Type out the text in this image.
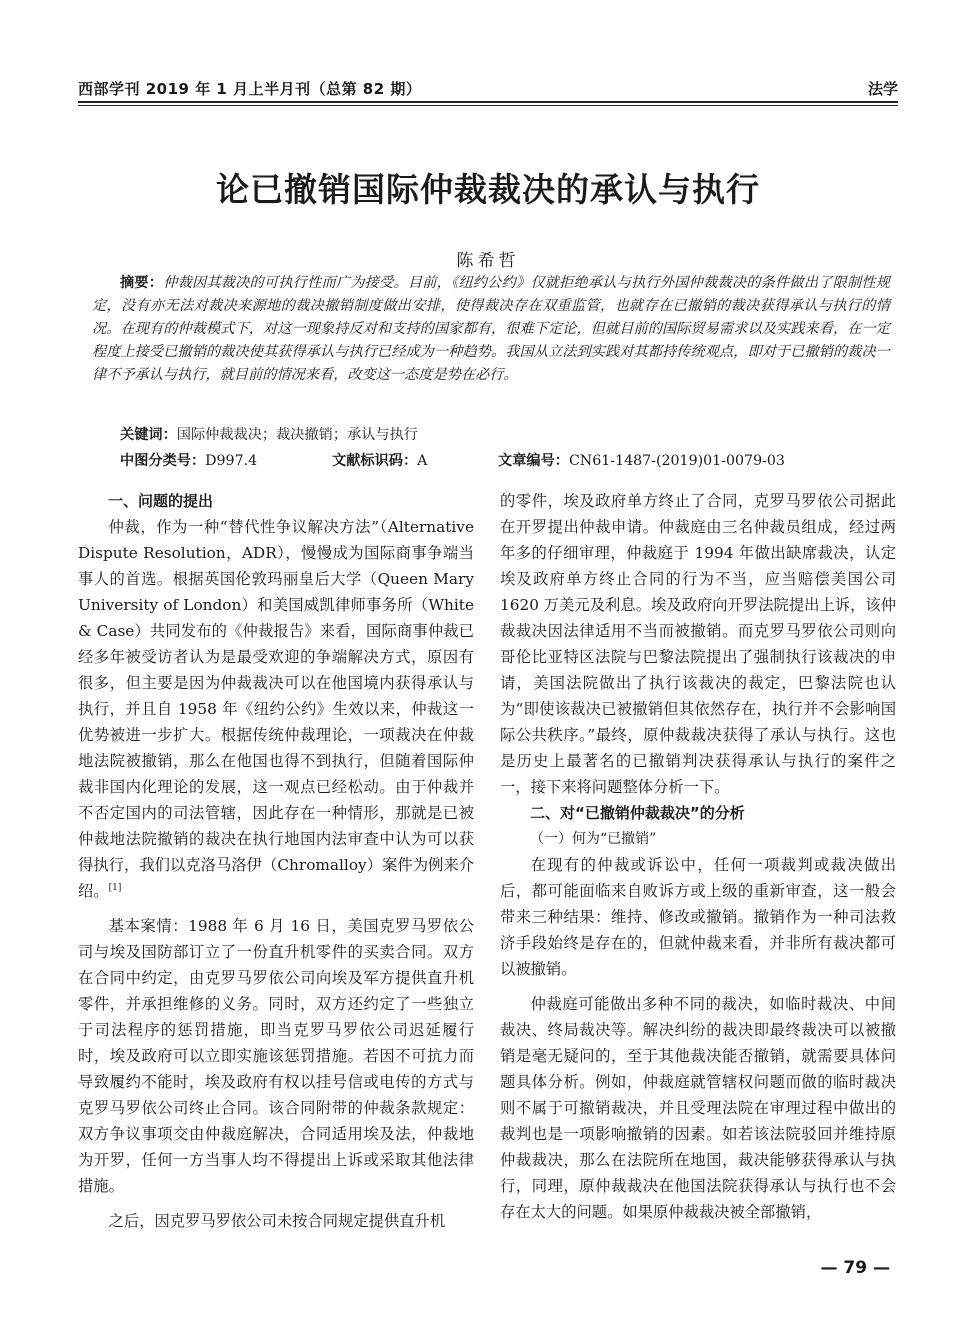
西部学刊 2019 年 1 月上半月刊（总第 82 期）	法学
论已撤销国际仲裁裁决的承认与执行
陈希哲
摘要：仲裁因其裁决的可执行性而广为接受。目前，《纽约公约》仅就拒绝承认与执行外国仲裁裁决的条件做出了限制性规定，没有亦无法对裁决来源地的裁决撤销制度做出安排，使得裁决存在双重监管，也就存在已撤销的裁决获得承认与执行的情况。在现有的仲裁模式下，对这一现象持反对和支持的国家都有，很难下定论，但就目前的国际贸易需求以及实践来看，在一定程度上接受已撤销的裁决使其获得承认与执行已经成为一种趋势。我国从立法到实践对其都持传统观点，即对于已撤销的裁决一律不予承认与执行，就目前的情况来看，改变这一态度是势在必行。
关键词：国际仲裁裁决；裁决撤销；承认与执行
中图分类号：D997.4	文献标识码：A	文章编号：CN61-1487-(2019)01-0079-03
一、问题的提出

仲裁，作为一种“替代性争议解决方法”（Alternative Dispute Resolution，ADR），慢慢成为国际商事争端当事人的首选。根据英国伦敦玛丽皇后大学（Queen Mary University of London）和美国威凯律师事务所（White & Case）共同发布的《仲裁报告》来看，国际商事仲裁已经多年被受访者认为是最受欢迎的争端解决方式，原因有很多，但主要是因为仲裁裁决可以在他国境内获得承认与执行，并且自 1958 年《纽约公约》生效以来，仲裁这一优势被进一步扩大。根据传统仲裁理论，一项裁决在仲裁地法院被撤销，那么在他国也得不到执行，但随着国际仲裁非国内化理论的发展，这一观点已经松动。由于仲裁并不否定国内的司法管辖，因此存在一种情形，那就是已被仲裁地法院撤销的裁决在执行地国内法审查中认为可以获得执行，我们以克洛马洛伊（Chromalloy）案件为例来介绍。[1]

基本案情：1988 年 6 月 16 日，美国克罗马罗依公司与埃及国防部订立了一份直升机零件的买卖合同。双方在合同中约定，由克罗马罗依公司向埃及军方提供直升机零件，并承担维修的义务。同时，双方还约定了一些独立于司法程序的惩罚措施，即当克罗马罗依公司迟延履行时，埃及政府可以立即实施该惩罚措施。若因不可抗力而导致履约不能时，埃及政府有权以挂号信或电传的方式与克罗马罗依公司终止合同。该合同附带的仲裁条款规定：双方争议事项交由仲裁庭解决，合同适用埃及法，仲裁地为开罗，任何一方当事人均不得提出上诉或采取其他法律措施。

之后，因克罗马罗依公司未按合同规定提供直升机

的零件，埃及政府单方终止了合同，克罗马罗依公司据此在开罗提出仲裁申请。仲裁庭由三名仲裁员组成，经过两年多的仔细审理，仲裁庭于 1994 年做出缺席裁决，认定埃及政府单方终止合同的行为不当，应当赔偿美国公司 1620 万美元及利息。埃及政府向开罗法院提出上诉，该仲裁裁决因法律适用不当而被撤销。而克罗马罗依公司则向哥伦比亚特区法院与巴黎法院提出了强制执行该裁决的申请，美国法院做出了执行该裁决的裁定，巴黎法院也认为“即使该裁决已被撤销但其依然存在，执行并不会影响国际公共秩序。”最终，原仲裁裁决获得了承认与执行。这也是历史上最著名的已撤销判决获得承认与执行的案件之一，接下来将问题整体分析一下。

二、对“已撤销仲裁裁决”的分析
（一）何为“已撤销”

在现有的仲裁或诉讼中，任何一项裁判或裁决做出后，都可能面临来自败诉方或上级的重新审查，这一般会带来三种结果：维持、修改或撤销。撤销作为一种司法救济手段始终是存在的，但就仲裁来看，并非所有裁决都可以被撤销。

仲裁庭可能做出多种不同的裁决，如临时裁决、中间裁决、终局裁决等。解决纠纷的裁决即最终裁决可以被撤销是毫无疑问的，至于其他裁决能否撤销，就需要具体问题具体分析。例如，仲裁庭就管辖权问题而做的临时裁决则不属于可撤销裁决，并且受理法院在审理过程中做出的裁判也是一项影响撤销的因素。如若该法院驳回并维持原仲裁裁决，那么在法院所在地国，裁决能够获得承认与执行，同理，原仲裁裁决在他国法院获得承认与执行也不会存在太大的问题。如果原仲裁裁决被全部撤销，

— 79 —
